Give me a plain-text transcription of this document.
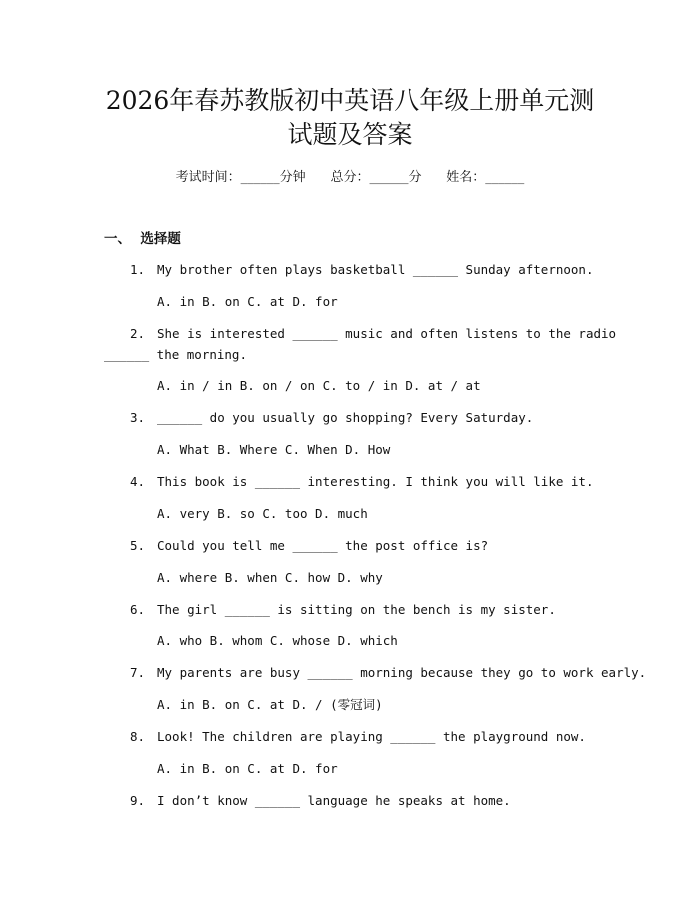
2026年春苏教版初中英语八年级上册单元测
试题及答案
考试时间：______分钟 总分：______分 姓名：______
一、  选择题
1. My brother often plays basketball ______ Sunday afternoon.
A. in B. on C. at D. for
2. She is interested ______ music and often listens to the radio
______ the morning.
A. in / in B. on / on C. to / in D. at / at
3. ______ do you usually go shopping? Every Saturday.
A. What B. Where C. When D. How
4. This book is ______ interesting. I think you will like it.
A. very B. so C. too D. much
5. Could you tell me ______ the post office is?
A. where B. when C. how D. why
6. The girl ______ is sitting on the bench is my sister.
A. who B. whom C. whose D. which
7. My parents are busy ______ morning because they go to work early.
A. in B. on C. at D. / (零冠词)
8. Look! The children are playing ______ the playground now.
A. in B. on C. at D. for
9. I don’t know ______ language he speaks at home.
